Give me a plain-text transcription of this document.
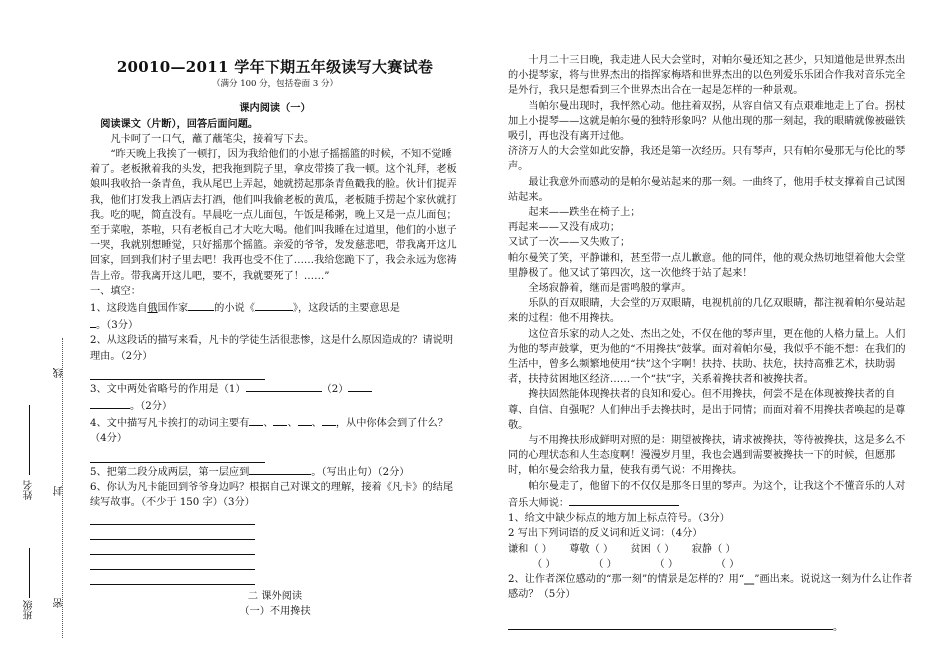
线
封
密
姓名
班级

20010—2011 学年下期五年级读写大赛试卷

（满分 100 分，包括卷面 3 分）

课内阅读（一）

阅读课文（片断），回答后面问题。

凡卡呵了一口气，蘸了蘸笔尖，接着写下去。

“昨天晚上我挨了一顿打，因为我给他们的小崽子摇摇篮的时候，不知不觉睡着了。老板揪着我的头发，把我拖到院子里，拿皮带揍了我一顿。这个礼拜，老板娘叫我收拾一条青鱼，我从尾巴上弄起，她就捞起那条青鱼戳我的脸。伙计们捉弄我，他们打发我上酒店去打酒，他们叫我偷老板的黄瓜，老板随手捞起个家伙就打我。吃的呢，简直没有。早晨吃一点儿面包，午饭是稀粥，晚上又是一点儿面包；至于菜啦，茶啦，只有老板自己才大吃大喝。他们叫我睡在过道里，他们的小崽子一哭，我就别想睡觉，只好摇那个摇篮。亲爱的爷爷，发发慈悲吧，带我离开这儿回家，回到我们村子里去吧！我再也受不住了……我给您跪下了，我会永远为您祷告上帝。带我离开这儿吧，要不，我就要死了！……”

一、填空：

1、这段选自俄国作家	的小说《	》，这段话的主要意思是
。（3分）

2、从这段话的描写来看，凡卡的学徒生活很悲惨，这是什么原因造成的？请说明理由。（2分）

3、文中两处省略号的作用是（1）	（2）
。（2分）

4、文中描写凡卡挨打的动词主要有 、 、 、 ，从中你体会到了什么？（4分）

5、把第二段分成两层，第一层应到	。（写出止句）（2分）

6、你认为凡卡能回到爷爷身边吗？根据自己对课文的理解，接着《凡卡》的结尾续写故事。（不少于 150 字）（3分）

二 课外阅读

（一）不用搀扶

十月二十三日晚，我走进人民大会堂时，对帕尔曼还知之甚少，只知道他是世界杰出的小提琴家，将与世界杰出的指挥家梅塔和世界杰出的以色列爱乐乐团合作我对音乐完全是外行，我只是想看到三个世界杰出合在一起是怎样的一种景观。

当帕尔曼出现时，我怦然心动。他拄着双拐，从容自信又有点艰难地走上了台。拐杖加上小提琴——这就是帕尔曼的独特形象吗？从他出现的那一刻起，我的眼睛就像被磁铁吸引，再也没有离开过他。

济济万人的大会堂如此安静，我还是第一次经历。只有琴声，只有帕尔曼那无与伦比的琴声。

最让我意外而感动的是帕尔曼站起来的那一刻。一曲终了，他用手杖支撑着自己试图站起来。

起来——跌坐在椅子上；

再起来——又没有成功；

又试了一次——又失败了；

帕尔曼笑了笑，平静谦和，甚至带一点儿歉意。他的同伴，他的观众热切地望着他大会堂里静极了。他又试了第四次，这一次他终于站了起来！

全场寂静着，继而是雷鸣般的掌声。

乐队的百双眼睛，大会堂的万双眼睛，电视机前的几亿双眼睛，都注视着帕尔曼站起来的过程：他不用搀扶。

这位音乐家的动人之处、杰出之处，不仅在他的琴声里，更在他的人格力量上。人们为他的琴声鼓掌，更为他的“不用搀扶”鼓掌。面对着帕尔曼，我似乎不能不想：在我们的生活中，曾多么频繁地使用“扶”这个字啊！扶持、扶助、扶危，扶持高雅艺术，扶助弱者，扶持贫困地区经济……一个“扶”字，关系着搀扶者和被搀扶者。

搀扶固然能体现搀扶者的良知和爱心。但不用搀扶，何尝不是在体现被搀扶者的自尊、自信、自强呢？人们伸出手去搀扶时，是出于同情；而面对着不用搀扶者唤起的是尊敬。

与不用搀扶形成鲜明对照的是：期望被搀扶，请求被搀扶，等待被搀扶，这是多么不同的心理状态和人生态度啊！漫漫岁月里，我也会遇到需要被搀扶一下的时候，但愿那时，帕尔曼会给我力量，使我有勇气说：不用搀扶。

帕尔曼走了，他留下的不仅仅是那冬日里的琴声。为这个，让我这个不懂音乐的人对音乐大师说：

1、给文中缺少标点的地方加上标点符号。（3分）

2 写出下列词语的反义词和近义词：（4分）

谦和（ ） 尊敬（ ） 贫困（ ） 寂静（ ）

（ ）	（ ）	（ ）	（ ）

2、让作者深位感动的“那一刻”的情景是怎样的？用“__”画出来。说说这一刻为什么让作者感动？（5分）

。
